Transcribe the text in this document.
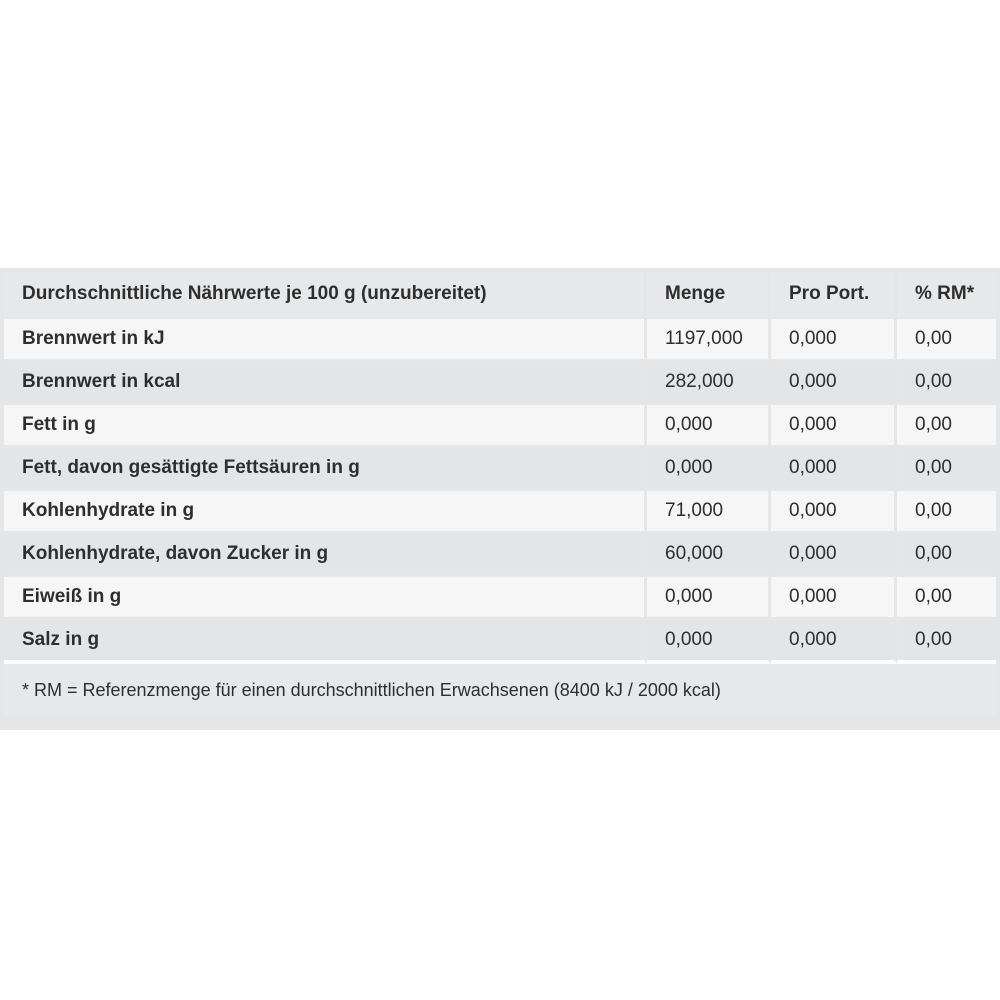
Durchschnittliche Nährwerte je 100 g (unzubereitet)	Menge	Pro Port.	% RM*
Brennwert in kJ	1197,000	0,000	0,00
Brennwert in kcal	282,000	0,000	0,00
Fett in g	0,000	0,000	0,00
Fett, davon gesättigte Fettsäuren in g	0,000	0,000	0,00
Kohlenhydrate in g	71,000	0,000	0,00
Kohlenhydrate, davon Zucker in g	60,000	0,000	0,00
Eiweiß in g	0,000	0,000	0,00
Salz in g	0,000	0,000	0,00
* RM = Referenzmenge für einen durchschnittlichen Erwachsenen (8400 kJ / 2000 kcal)			
